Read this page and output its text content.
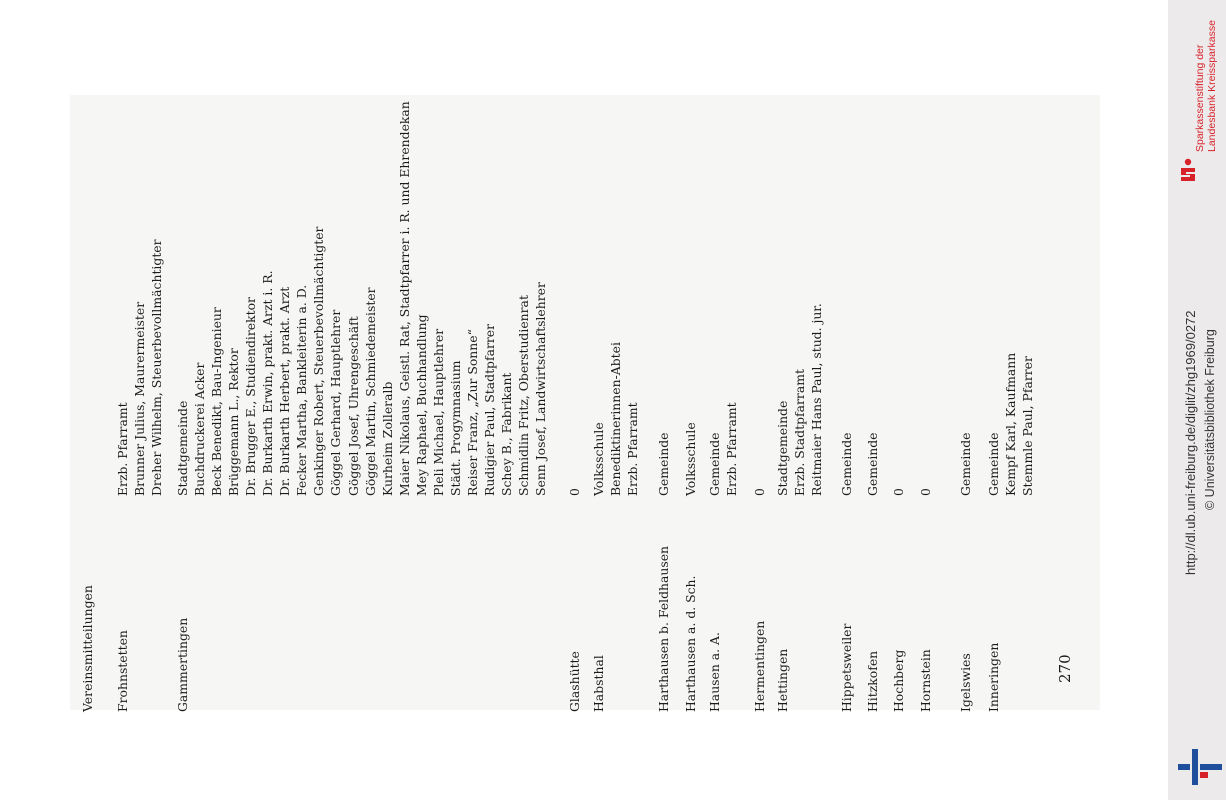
Vereinsmitteilungen	270
Frohnstetten
Erzb. Pfarramt Brunner Julius, Maurermeister Dreher Wilhelm, Steuerbevollmächtigter
Gammertingen
Stadtgemeinde Buchdruckerei Acker Beck Benedikt, Bau-Ingenieur Brüggemann L., Rektor Dr. Brugger E., Studiendirektor Dr. Burkarth Erwin, prakt. Arzt i. R. Dr. Burkarth Herbert, prakt. Arzt Fecker Martha, Bankleiterin a. D. Genkinger Robert, Steuerbevollmächtigter Göggel Gerhard, Hauptlehrer Göggel Josef, Uhrengeschäft Göggel Martin, Schmiedemeister Kurheim Zolleralb Maier Nikolaus, Geistl. Rat, Stadtpfarrer i. R. und Ehrendekan Mey Raphael, Buchhandlung Pleli Michael, Hauptlehrer Städt. Progymnasium Reiser Franz, „Zur Sonne“ Rudigier Paul, Stadtpfarrer Schey B., Fabrikant Schmidlin Fritz, Oberstudienrat Senn Josef, Landwirtschaftslehrer
Glashütte
0
Habsthal
Volksschule Benediktinerinnen-Abtei Erzb. Pfarramt
Harthausen b. Feldhausen
Gemeinde
Harthausen a. d. Sch.
Volksschule
Hausen a. A.
Gemeinde Erzb. Pfarramt
Hermentingen
0
Hettingen
Stadtgemeinde Erzb. Stadtpfarramt Reitmaier Hans Paul, stud. jur.
Hippetsweiler
Gemeinde
Hitzkofen
Gemeinde
Hochberg
0
Hornstein
0
Igelswies
Gemeinde
Inneringen
Gemeinde Kempf Karl, Kaufmann Stemmle Paul, Pfarrer	http://dl.ub.uni-freiburg.de/diglit/zhg1969/0272 © Universitätsbibliothek Freiburg
Sparkassenstiftung der Landesbank Kreissparkasse
